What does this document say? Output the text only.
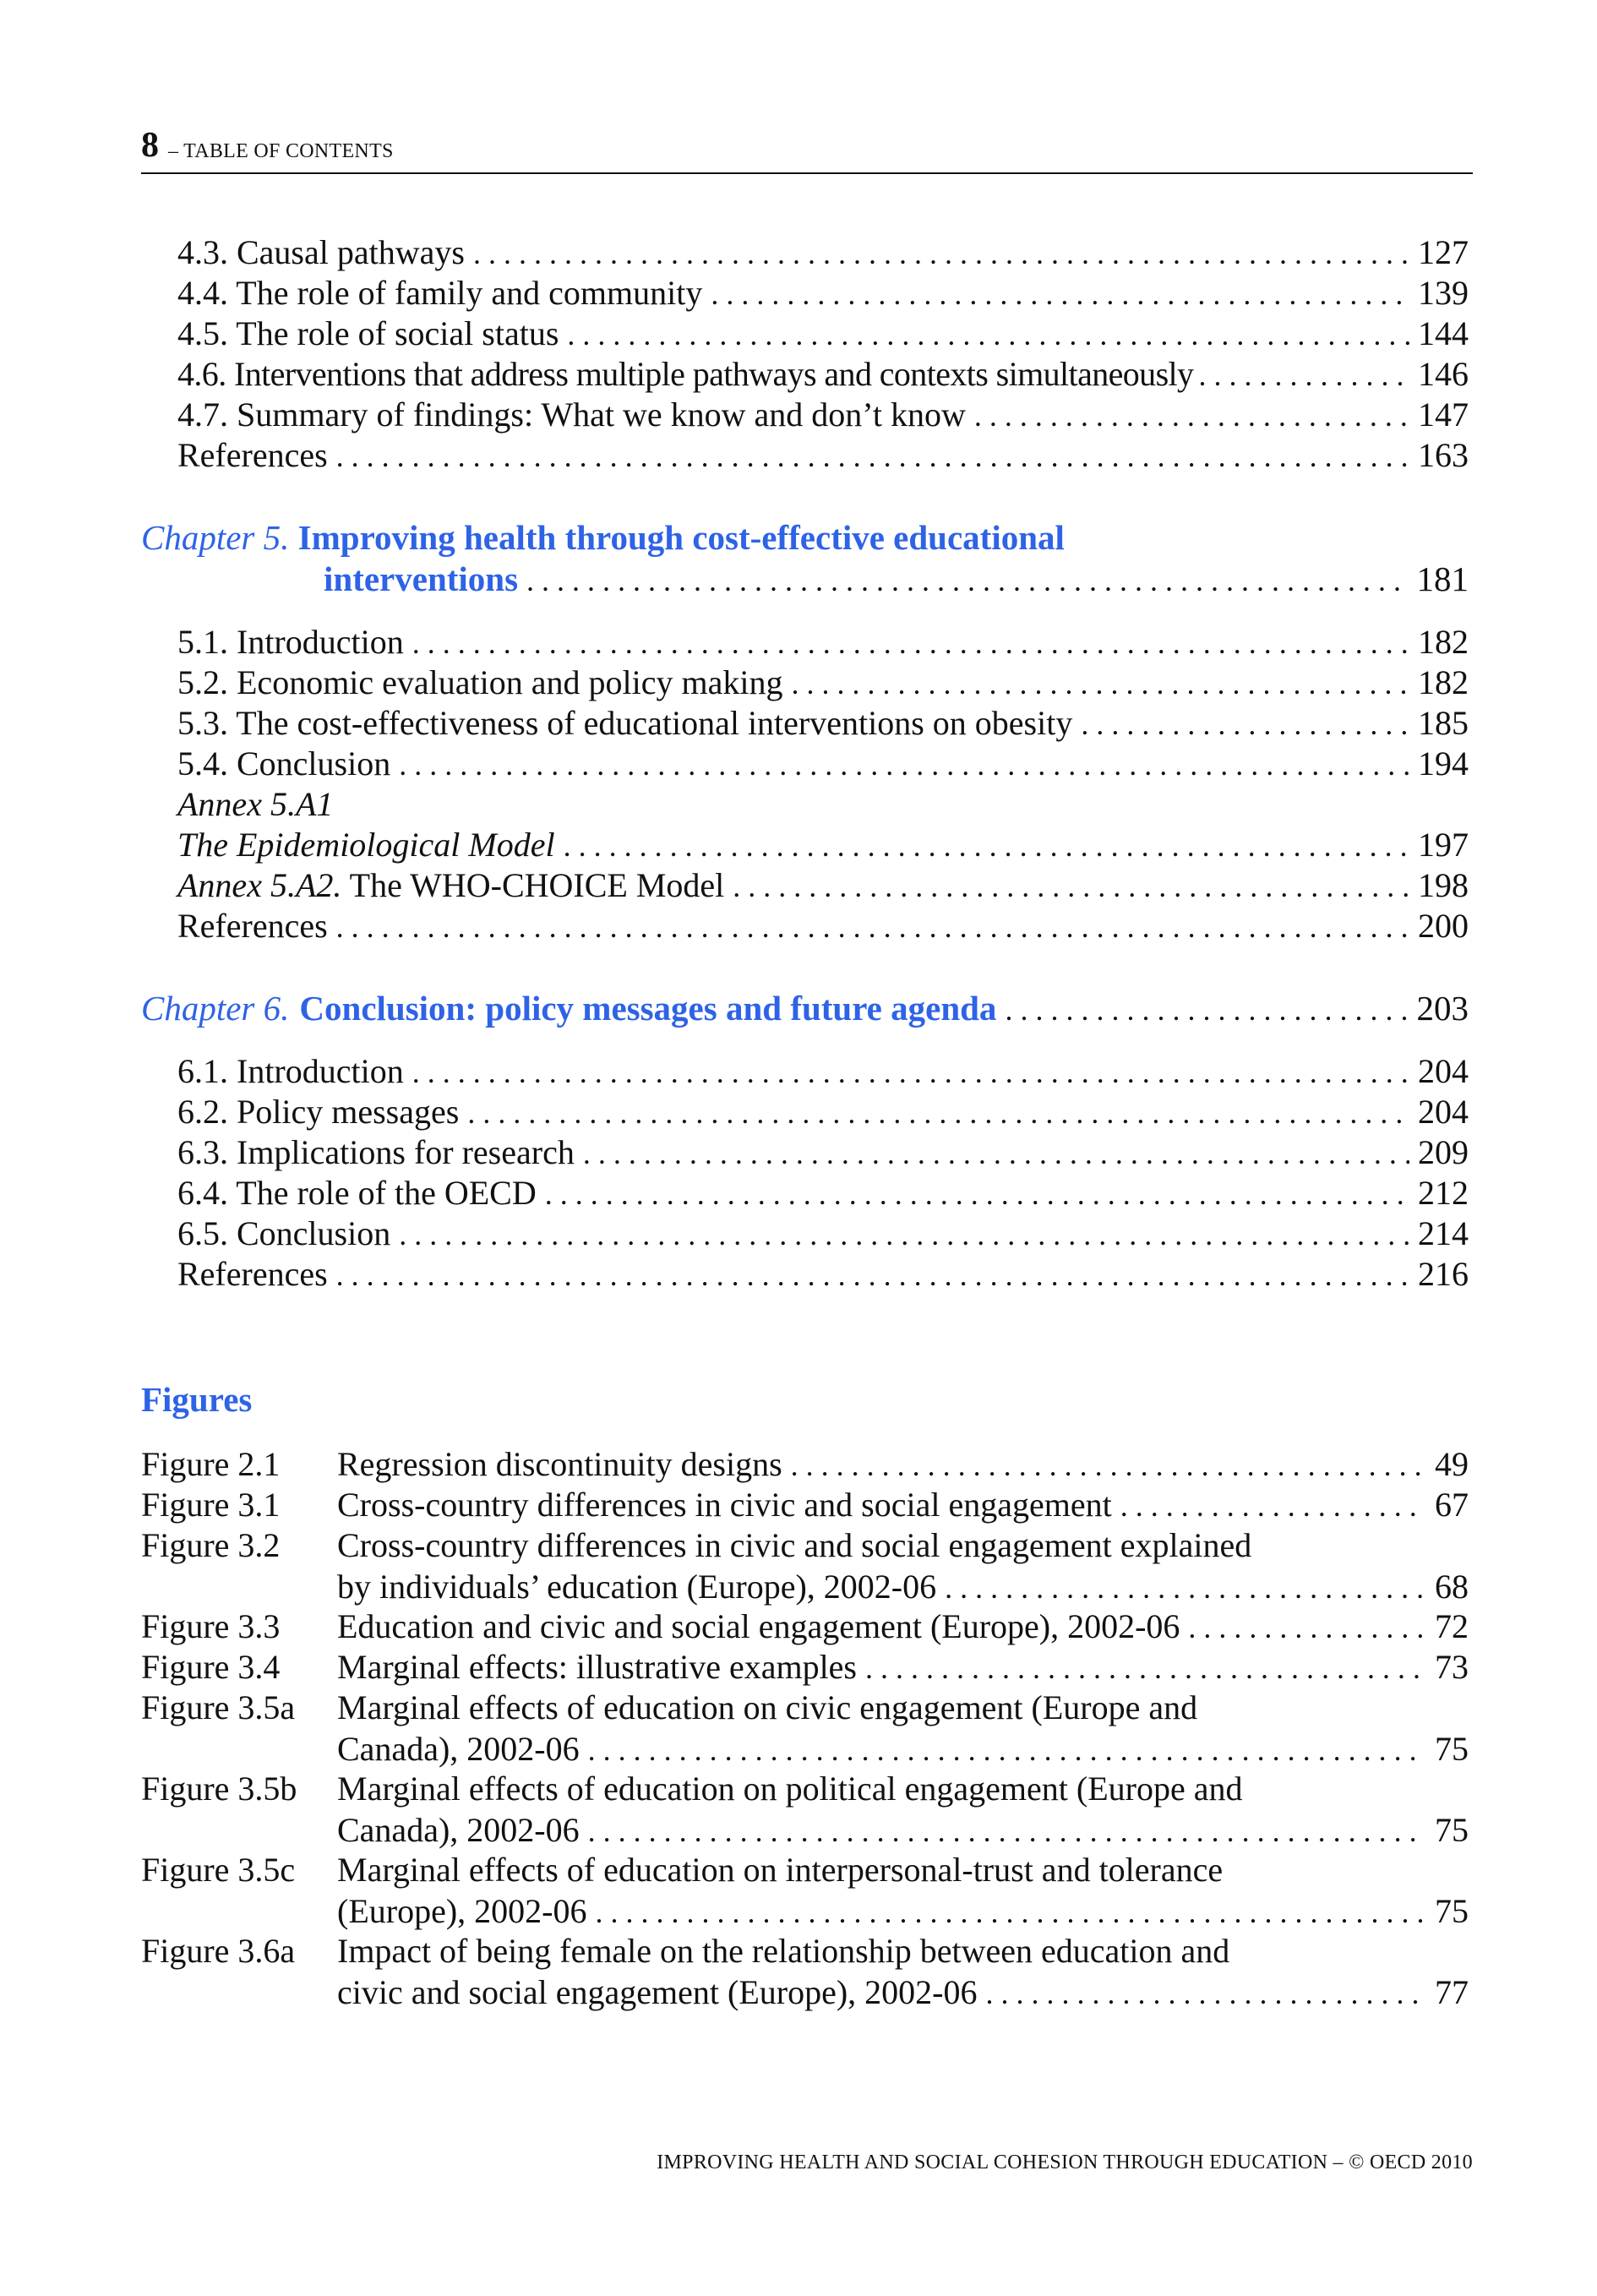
8 – TABLE OF CONTENTS
4.3. Causal pathways . . .	127
4.4. The role of family and community . . .	139
4.5. The role of social status . . .	144
4.6. Interventions that address multiple pathways and contexts simultaneously . . .	146
4.7. Summary of findings: What we know and don’t know . . .	147
References . . .	163
Chapter 5. Improving health through cost-effective educational
interventions . . .	181
5.1. Introduction . . .	182
5.2. Economic evaluation and policy making . . .	182
5.3. The cost-effectiveness of educational interventions on obesity . . .	185
5.4. Conclusion . . .	194
Annex 5.A1
The Epidemiological Model . . .	197
Annex 5.A2. The WHO-CHOICE Model . . .	198
References . . .	200
Chapter 6. Conclusion: policy messages and future agenda . . .	203
6.1. Introduction . . .	204
6.2. Policy messages . . .	204
6.3. Implications for research . . .	209
6.4. The role of the OECD . . .	212
6.5. Conclusion . . .	214
References . . .	216
Figures
Figure 2.1 Regression discontinuity designs . . .	49
Figure 3.1 Cross-country differences in civic and social engagement . . .	67
Figure 3.2 Cross-country differences in civic and social engagement explained
by individuals’ education (Europe), 2002-06 . . .	68
Figure 3.3 Education and civic and social engagement (Europe), 2002-06 . . .	72
Figure 3.4 Marginal effects: illustrative examples . . .	73
Figure 3.5a Marginal effects of education on civic engagement (Europe and
Canada), 2002-06 . . .	75
Figure 3.5b Marginal effects of education on political engagement (Europe and
Canada), 2002-06 . . .	75
Figure 3.5c Marginal effects of education on interpersonal-trust and tolerance
(Europe), 2002-06 . . .	75
Figure 3.6a Impact of being female on the relationship between education and
civic and social engagement (Europe), 2002-06 . . .	77
IMPROVING HEALTH AND SOCIAL COHESION THROUGH EDUCATION – © OECD 2010
